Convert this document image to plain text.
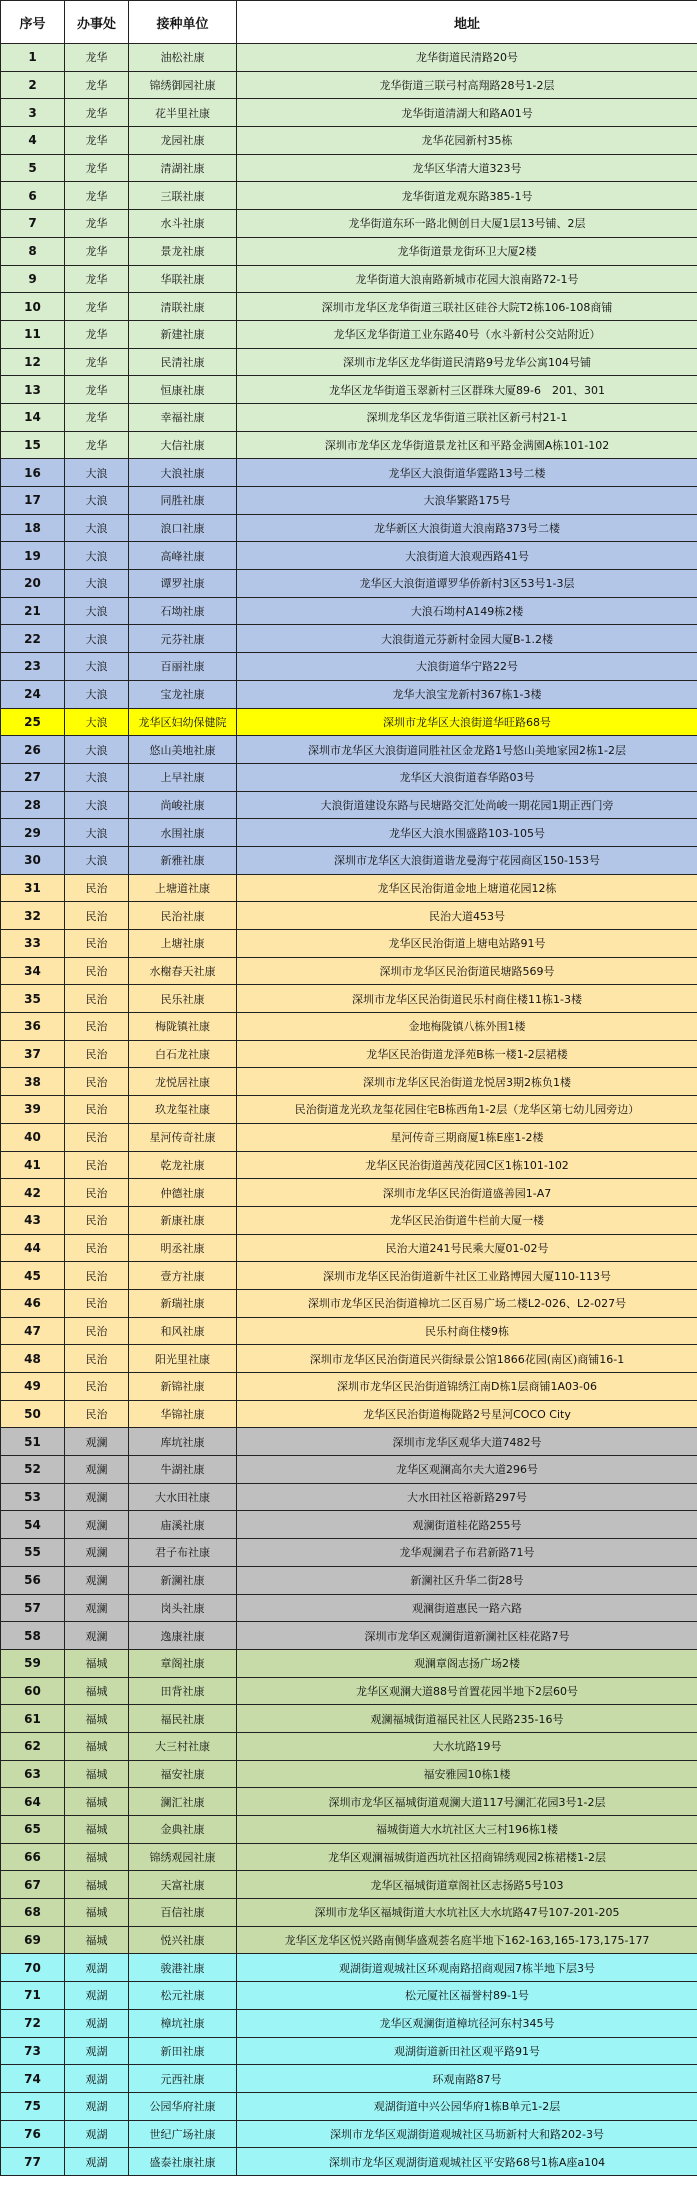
序号	办事处	接种单位	地址
1	龙华	油松社康	龙华街道民清路20号
2	龙华	锦绣御园社康	龙华街道三联弓村高翔路28号1-2层
3	龙华	花半里社康	龙华街道清湖大和路A01号
4	龙华	龙园社康	龙华花园新村35栋
5	龙华	清湖社康	龙华区华清大道323号
6	龙华	三联社康	龙华街道龙观东路385-1号
7	龙华	水斗社康	龙华街道东环一路北侧创日大厦1层13号铺、2层
8	龙华	景龙社康	龙华街道景龙街环卫大厦2楼
9	龙华	华联社康	龙华街道大浪南路新城市花园大浪南路72-1号
10	龙华	清联社康	深圳市龙华区龙华街道三联社区硅谷大院T2栋106-108商铺
11	龙华	新建社康	龙华区龙华街道工业东路40号（水斗新村公交站附近）
12	龙华	民清社康	深圳市龙华区龙华街道民清路9号龙华公寓104号铺
13	龙华	恒康社康	龙华区龙华街道玉翠新村三区群珠大厦89-6　201、301
14	龙华	幸福社康	深圳龙华区龙华街道三联社区新弓村21-1
15	龙华	大信社康	深圳市龙华区龙华街道景龙社区和平路金满園A栋101-102
16	大浪	大浪社康	龙华区大浪街道华霆路13号二楼
17	大浪	同胜社康	大浪华繁路175号
18	大浪	浪口社康	龙华新区大浪街道大浪南路373号二楼
19	大浪	高峰社康	大浪街道大浪观西路41号
20	大浪	谭罗社康	龙华区大浪街道谭罗华侨新村3区53号1-3层
21	大浪	石坳社康	大浪石坳村A149栋2楼
22	大浪	元芬社康	大浪街道元芬新村金园大厦B-1.2楼
23	大浪	百丽社康	大浪街道华宁路22号
24	大浪	宝龙社康	龙华大浪宝龙新村367栋1-3楼
25	大浪	龙华区妇幼保健院	深圳市龙华区大浪街道华旺路68号
26	大浪	悠山美地社康	深圳市龙华区大浪街道同胜社区金龙路1号悠山美地家园2栋1-2层
27	大浪	上早社康	龙华区大浪街道春华路03号
28	大浪	尚峻社康	大浪街道建设东路与民塘路交汇处尚峻一期花园1期正西门旁
29	大浪	水围社康	龙华区大浪水围盛路103-105号
30	大浪	新雅社康	深圳市龙华区大浪街道谐龙曼海宁花园商区150-153号
31	民治	上塘道社康	龙华区民治街道金地上塘道花园12栋
32	民治	民治社康	民治大道453号
33	民治	上塘社康	龙华区民治街道上塘电站路91号
34	民治	水榭春天社康	深圳市龙华区民治街道民塘路569号
35	民治	民乐社康	深圳市龙华区民治街道民乐村商住楼11栋1-3楼
36	民治	梅陇镇社康	金地梅陇镇八栋外围1楼
37	民治	白石龙社康	龙华区民治街道龙泽苑B栋一楼1-2层裙楼
38	民治	龙悦居社康	深圳市龙华区民治街道龙悦居3期2栋负1楼
39	民治	玖龙玺社康	民治街道龙光玖龙玺花园住宅B栋西角1-2层（龙华区第七幼儿园旁边）
40	民治	星河传奇社康	星河传奇三期商厦1栋E座1-2楼
41	民治	乾龙社康	龙华区民治街道茜茂花园C区1栋101-102
42	民治	仲德社康	深圳市龙华区民治街道盛善园1-A7
43	民治	新康社康	龙华区民治街道牛栏前大厦一楼
44	民治	明丞社康	民治大道241号民乘大厦01-02号
45	民治	壹方社康	深圳市龙华区民治街道新牛社区工业路博园大厦110-113号
46	民治	新瑞社康	深圳市龙华区民治街道樟坑二区百易广场二楼L2-026、L2-027号
47	民治	和风社康	民乐村商住楼9栋
48	民治	阳光里社康	深圳市龙华区民治街道民兴街绿景公馆1866花园(南区)商铺16-1
49	民治	新锦社康	深圳市龙华区民治街道锦绣江南D栋1层商铺1A03-06
50	民治	华锦社康	龙华区民治街道梅陇路2号星河COCO City
51	观澜	库坑社康	深圳市龙华区观华大道7482号
52	观澜	牛湖社康	龙华区观澜高尔夫大道296号
53	观澜	大水田社康	大水田社区裕新路297号
54	观澜	庙溪社康	观澜街道桂花路255号
55	观澜	君子布社康	龙华观澜君子布君新路71号
56	观澜	新澜社康	新澜社区升华二街28号
57	观澜	岗头社康	观澜街道惠民一路六路
58	观澜	逸康社康	深圳市龙华区观澜街道新澜社区桂花路7号
59	福城	章阁社康	观澜章阁志扬广场2楼
60	福城	田背社康	龙华区观澜大道88号首置花园半地下2层60号
61	福城	福民社康	观澜福城街道福民社区人民路235-16号
62	福城	大三村社康	大水坑路19号
63	福城	福安社康	福安雅园10栋1楼
64	福城	澜汇社康	深圳市龙华区福城街道观澜大道117号澜汇花园3号1-2层
65	福城	金典社康	福城街道大水坑社区大三村196栋1楼
66	福城	锦绣观园社康	龙华区观澜福城街道西坑社区招商锦绣观园2栋裙楼1-2层
67	福城	天富社康	龙华区福城街道章阁社区志扬路5号103
68	福城	百信社康	深圳市龙华区福城街道大水坑社区大水坑路47号107-201-205
69	福城	悦兴社康	龙华区龙华区悦兴路南侧华盛观荟名庭半地下162-163,165-173,175-177
70	观湖	骏港社康	观湖街道观城社区环观南路招商观园7栋半地下层3号
71	观湖	松元社康	松元厦社区福誉村89-1号
72	观湖	樟坑社康	龙华区观澜街道樟坑径河东村345号
73	观湖	新田社康	观湖街道新田社区观平路91号
74	观湖	元西社康	环观南路87号
75	观湖	公园华府社康	观湖街道中兴公园华府1栋B单元1-2层
76	观湖	世纪广场社康	深圳市龙华区观湖街道观城社区马坜新村大和路202-3号
77	观湖	盛泰社康社康	深圳市龙华区观湖街道观城社区平安路68号1栋A座a104
